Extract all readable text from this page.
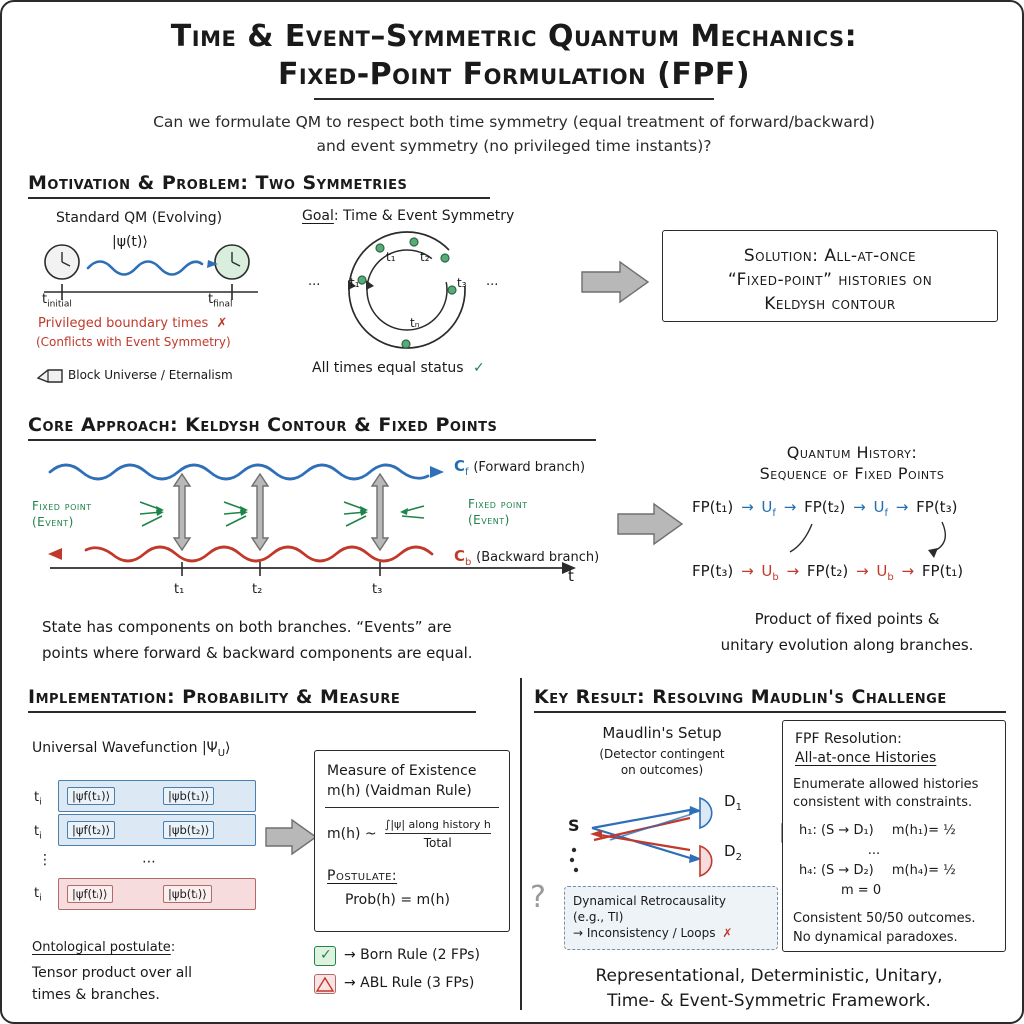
Time & Event–Symmetric Quantum Mechanics:
Fixed-Point Formulation (FPF)
Can we formulate QM to respect both time symmetry (equal treatment of forward/backward)
and event symmetry (no privileged time instants)?
Motivation & Problem: Two Symmetries
Standard QM (Evolving)
|ψ(t)⟩
$t_{initial}$	$t_{final}$
Privileged boundary times ✗
(Conflicts with Event Symmetry)
Block Universe / Eternalism
Goal: Time & Event Symmetry
t₁ t₂
t₁	t₃
tₙ
...	...
All times equal status ✓
Solution: All-at-once
“Fixed-point” histories on
Keldysh contour
Core Approach: Keldysh Contour & Fixed Points
$C_f$ (Forward branch)
$C_b$ (Backward branch)
t
Fixed point
(Event)
Fixed point
(Event)
t₁	t₂	t₃
State has components on both branches. “Events” are
points where forward & backward components are equal.
Quantum History:
Sequence of Fixed Points
$FP(t_1) \to U_f \to FP(t_2) \to U_f \to FP(t_3)$
$FP(t_3) \to U_b \to FP(t_2) \to U_b \to FP(t_1)$
Product of fixed points &
unitary evolution along branches.
Implementation: Probability & Measure	Key Result: Resolving Maudlin's Challenge
Universal Wavefunction $|\Psi_U⟩$
$t_i$	|ψf(t₁)⟩	|ψb(t₁)⟩
$t_i$	|ψf(t₂)⟩	|ψb(t₂)⟩
$t_i$	|ψf(tᵢ)⟩	|ψb(tᵢ)⟩
⋮	⋯
Ontological postulate:
Tensor product over all
times & branches.
Measure of Existence
m(h) (Vaidman Rule)
m(h) ~
∫|ψ| along history h
Total
Postulate:
Prob(h) = m(h)
✓ → Born Rule (2 FPs)
→ ABL Rule (3 FPs)
Maudlin's Setup
(Detector contingent
on outcomes)
S
$D_1$
$D_2$
? Dynamical Retrocausality
(e.g., TI)
→ Inconsistency / Loops ✗
FPF Resolution:
All-at-once Histories
Enumerate allowed histories
consistent with constraints.
h₁: (S → D₁) m(h₁)= ½
...
h₄: (S → D₂) m(h₄)= ½
m = 0
Consistent 50/50 outcomes.
No dynamical paradoxes.
Representational, Deterministic, Unitary,
Time- & Event-Symmetric Framework.
